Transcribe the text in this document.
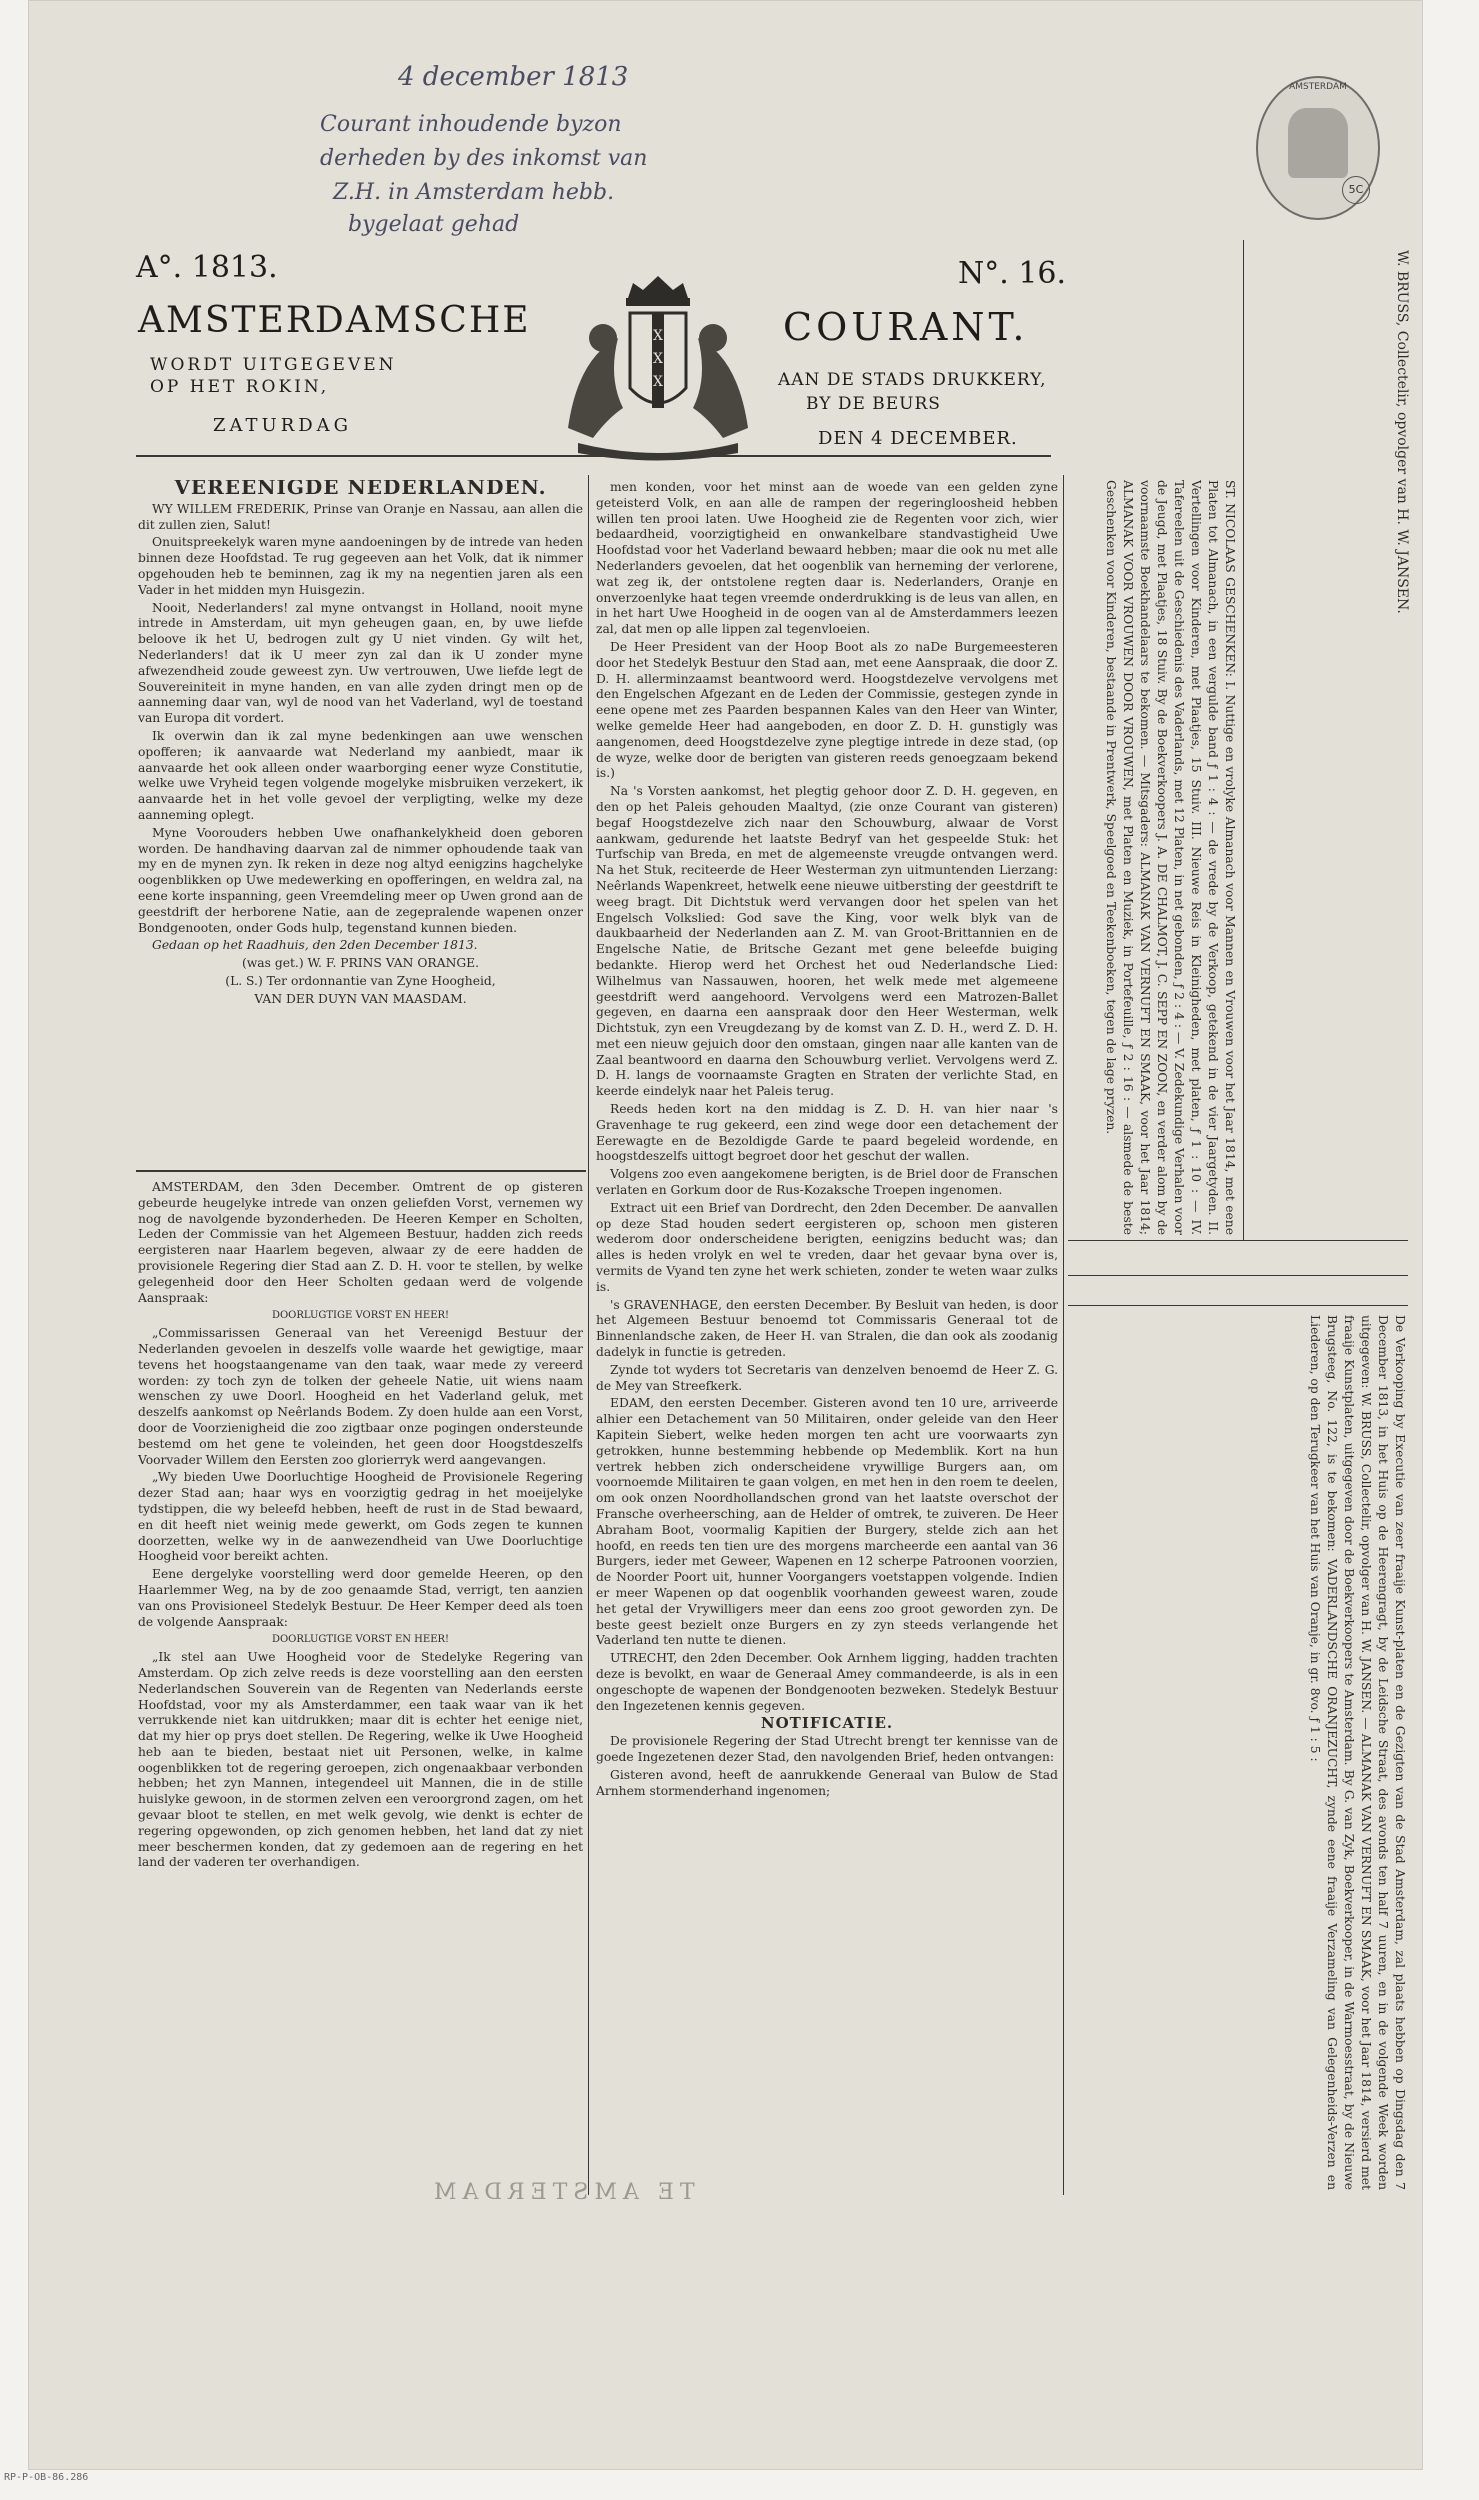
4 december 1813
Courant inhoudende byzon
derheden by des inkomst van
Z.H. in Amsterdam hebb.
bygelaat gehad
AMSTERDAM
5C
A°. 1813.	N°. 16.
AMSTERDAMSCHE	COURANT.
WORDT UITGEGEVEN
OP HET ROKIN,
ZATURDAG
AAN DE STADS DRUKKERY,
BY DE BEURS
DEN 4 DECEMBER.
X
X
X

VEREENIGDE NEDERLANDEN.

WY WILLEM FREDERIK, Prinse van Oranje en Nassau, aan allen die dit zullen zien, Salut!

Onuitspreekelyk waren myne aandoeningen by de intrede van heden binnen deze Hoofdstad. Te rug gegeeven aan het Volk, dat ik nimmer opgehouden heb te beminnen, zag ik my na negentien jaren als een Vader in het midden myn Huisgezin.

Nooit, Nederlanders! zal myne ontvangst in Holland, nooit myne intrede in Amsterdam, uit myn geheugen gaan, en, by uwe liefde beloove ik het U, bedrogen zult gy U niet vinden. Gy wilt het, Nederlanders! dat ik U meer zyn zal dan ik U zonder myne afwezendheid zoude geweest zyn. Uw vertrouwen, Uwe liefde legt de Souvereiniteit in myne handen, en van alle zyden dringt men op de aanneming daar van, wyl de nood van het Vaderland, wyl de toestand van Europa dit vordert.

Ik overwin dan ik zal myne bedenkingen aan uwe wenschen opofferen; ik aanvaarde wat Nederland my aanbiedt, maar ik aanvaarde het ook alleen onder waarborging eener wyze Constitutie, welke uwe Vryheid tegen volgende mogelyke misbruiken verzekert, ik aanvaarde het in het volle gevoel der verpligting, welke my deze aanneming oplegt.

Myne Voorouders hebben Uwe onafhankelykheid doen geboren worden. De handhaving daarvan zal de nimmer ophoudende taak van my en de mynen zyn. Ik reken in deze nog altyd eenigzins hagchelyke oogenblikken op Uwe medewerking en opofferingen, en weldra zal, na eene korte inspanning, geen Vreemdeling meer op Uwen grond aan de geestdrift der herborene Natie, aan de zegepralende wapenen onzer Bondgenooten, onder Gods hulp, tegenstand kunnen bieden.

Gedaan op het Raadhuis, den 2den December 1813.

(was get.) W. F. PRINS VAN ORANGE.

(L. S.) Ter ordonnantie van Zyne Hoogheid,

VAN DER DUYN VAN MAASDAM.

AMSTERDAM, den 3den December. Omtrent de op gisteren gebeurde heugelyke intrede van onzen geliefden Vorst, vernemen wy nog de navolgende byzonderheden. De Heeren Kemper en Scholten, Leden der Commissie van het Algemeen Bestuur, hadden zich reeds eergisteren naar Haarlem begeven, alwaar zy de eere hadden de provisionele Regering dier Stad aan Z. D. H. voor te stellen, by welke gelegenheid door den Heer Scholten gedaan werd de volgende Aanspraak:

DOORLUGTIGE VORST EN HEER!

„Commissarissen Generaal van het Vereenigd Bestuur der Nederlanden gevoelen in deszelfs volle waarde het gewigtige, maar tevens het hoogstaangename van den taak, waar mede zy vereerd worden: zy toch zyn de tolken der geheele Natie, uit wiens naam wenschen zy uwe Doorl. Hoogheid en het Vaderland geluk, met deszelfs aankomst op Neêrlands Bodem. Zy doen hulde aan een Vorst, door de Voorzienigheid die zoo zigtbaar onze pogingen ondersteunde bestemd om het gene te voleinden, het geen door Hoogstdeszelfs Voorvader Willem den Eersten zoo glorierryk werd aangevangen.

„Wy bieden Uwe Doorluchtige Hoogheid de Provisionele Regering dezer Stad aan; haar wys en voorzigtig gedrag in het moeijelyke tydstippen, die wy beleefd hebben, heeft de rust in de Stad bewaard, en dit heeft niet weinig mede gewerkt, om Gods zegen te kunnen doorzetten, welke wy in de aanwezendheid van Uwe Doorluchtige Hoogheid voor bereikt achten.

Eene dergelyke voorstelling werd door gemelde Heeren, op den Haarlemmer Weg, na by de zoo genaamde Stad, verrigt, ten aanzien van ons Provisioneel Stedelyk Bestuur. De Heer Kemper deed als toen de volgende Aanspraak:

DOORLUGTIGE VORST EN HEER!

„Ik stel aan Uwe Hoogheid voor de Stedelyke Regering van Amsterdam. Op zich zelve reeds is deze voorstelling aan den eersten Nederlandschen Souverein van de Regenten van Nederlands eerste Hoofdstad, voor my als Amsterdammer, een taak waar van ik het verrukkende niet kan uitdrukken; maar dit is echter het eenige niet, dat my hier op prys doet stellen. De Regering, welke ik Uwe Hoogheid heb aan te bieden, bestaat niet uit Personen, welke, in kalme oogenblikken tot de regering geroepen, zich ongenaakbaar verbonden hebben; het zyn Mannen, integendeel uit Mannen, die in de stille huislyke gewoon, in de stormen zelven een veroorgrond zagen, om het gevaar bloot te stellen, en met welk gevolg, wie denkt is echter de regering opgewonden, op zich genomen hebben, het land dat zy niet meer beschermen konden, dat zy gedemoen aan de regering en het land der vaderen ter overhandigen.

men konden, voor het minst aan de woede van een gelden zyne geteisterd Volk, en aan alle de rampen der regeringloosheid hebben willen ten prooi laten. Uwe Hoogheid zie de Regenten voor zich, wier bedaardheid, voorzigtigheid en onwankelbare standvastigheid Uwe Hoofdstad voor het Vaderland bewaard hebben; maar die ook nu met alle Nederlanders gevoelen, dat het oogenblik van herneming der verlorene, wat zeg ik, der ontstolene regten daar is. Nederlanders, Oranje en onverzoenlyke haat tegen vreemde onderdrukking is de leus van allen, en in het hart Uwe Hoogheid in de oogen van al de Amsterdammers leezen zal, dat men op alle lippen zal tegenvloeien.

De Heer President van der Hoop Boot als zo naDe Burgemeesteren door het Stedelyk Bestuur den Stad aan, met eene Aanspraak, die door Z. D. H. allerminzaamst beantwoord werd. Hoogstdezelve vervolgens met den Engelschen Afgezant en de Leden der Commissie, gestegen zynde in eene opene met zes Paarden bespannen Kales van den Heer van Winter, welke gemelde Heer had aangeboden, en door Z. D. H. gunstigly was aangenomen, deed Hoogstdezelve zyne plegtige intrede in deze stad, (op de wyze, welke door de berigten van gisteren reeds genoegzaam bekend is.)

Na 's Vorsten aankomst, het plegtig gehoor door Z. D. H. gegeven, en den op het Paleis gehouden Maaltyd, (zie onze Courant van gisteren) begaf Hoogstdezelve zich naar den Schouwburg, alwaar de Vorst aankwam, gedurende het laatste Bedryf van het gespeelde Stuk: het Turfschip van Breda, en met de algemeenste vreugde ontvangen werd. Na het Stuk, reciteerde de Heer Westerman zyn uitmuntenden Lierzang: Neêrlands Wapenkreet, hetwelk eene nieuwe uitbersting der geestdrift te weeg bragt. Dit Dichtstuk werd vervangen door het spelen van het Engelsch Volkslied: God save the King, voor welk blyk van de daukbaarheid der Nederlanden aan Z. M. van Groot-Brittannien en de Engelsche Natie, de Britsche Gezant met gene beleefde buiging bedankte. Hierop werd het Orchest het oud Nederlandsche Lied: Wilhelmus van Nassauwen, hooren, het welk mede met algemeene geestdrift werd aangehoord. Vervolgens werd een Matrozen-Ballet gegeven, en daarna een aanspraak door den Heer Westerman, welk Dichtstuk, zyn een Vreugdezang by de komst van Z. D. H., werd Z. D. H. met een nieuw gejuich door den omstaan, gingen naar alle kanten van de Zaal beantwoord en daarna den Schouwburg verliet. Vervolgens werd Z. D. H. langs de voornaamste Gragten en Straten der verlichte Stad, en keerde eindelyk naar het Paleis terug.

Reeds heden kort na den middag is Z. D. H. van hier naar 's Gravenhage te rug gekeerd, een zind wege door een detachement der Eerewagte en de Bezoldigde Garde te paard begeleid wordende, en hoogstdeszelfs uittogt begroet door het geschut der wallen.

Volgens zoo even aangekomene berigten, is de Briel door de Franschen verlaten en Gorkum door de Rus-Kozaksche Troepen ingenomen.

Extract uit een Brief van Dordrecht, den 2den December. De aanvallen op deze Stad houden sedert eergisteren op, schoon men gisteren wederom door onderscheidene berigten, eenigzins beducht was; dan alles is heden vrolyk en wel te vreden, daar het gevaar byna over is, vermits de Vyand ten zyne het werk schieten, zonder te weten waar zulks is.

's GRAVENHAGE, den eersten December. By Besluit van heden, is door het Algemeen Bestuur benoemd tot Commissaris Generaal tot de Binnenlandsche zaken, de Heer H. van Stralen, die dan ook als zoodanig dadelyk in functie is getreden.

Zynde tot wyders tot Secretaris van denzelven benoemd de Heer Z. G. de Mey van Streefkerk.

EDAM, den eersten December. Gisteren avond ten 10 ure, arriveerde alhier een Detachement van 50 Militairen, onder geleide van den Heer Kapitein Siebert, welke heden morgen ten acht ure voorwaarts zyn getrokken, hunne bestemming hebbende op Medemblik. Kort na hun vertrek hebben zich onderscheidene vrywillige Burgers aan, om voornoemde Militairen te gaan volgen, en met hen in den roem te deelen, om ook onzen Noordhollandschen grond van het laatste overschot der Fransche overheersching, aan de Helder of omtrek, te zuiveren. De Heer Abraham Boot, voormalig Kapitien der Burgery, stelde zich aan het hoofd, en reeds ten tien ure des morgens marcheerde een aantal van 36 Burgers, ieder met Geweer, Wapenen en 12 scherpe Patroonen voorzien, de Noorder Poort uit, hunner Voorgangers voetstappen volgende. Indien er meer Wapenen op dat oogenblik voorhanden geweest waren, zoude het getal der Vrywilligers meer dan eens zoo groot geworden zyn. De beste geest bezielt onze Burgers en zy zyn steeds verlangende het Vaderland ten nutte te dienen.

UTRECHT, den 2den December. Ook Arnhem ligging, hadden trachten deze is bevolkt, en waar de Generaal Amey commandeerde, is als in een ongeschopte de wapenen der Bondgenooten bezweken. Stedelyk Bestuur den Ingezetenen kennis gegeven.

NOTIFICATIE.

De provisionele Regering der Stad Utrecht brengt ter kennisse van de goede Ingezetenen dezer Stad, den navolgenden Brief, heden ontvangen:

Gisteren avond, heeft de aanrukkende Generaal van Bulow de Stad Arnhem stormenderhand ingenomen;

ST. NICOLAAS GESCHENKEN: I. Nuttige en vrolyke Almanach voor Mannen en Vrouwen voor het Jaar 1814, met eene Platen tot Almanach, in een vergulde band ƒ 1 : 4 : — de vrede by de Verkoop, getekend in de vier Jaargetyden. II. Vertellingen voor Kinderen, met Plaatjes, 15 Stuiv. III. Nieuwe Reis in Kleinigheden, met platen, ƒ 1 : 10 : — IV. Tafereelen uit de Geschiedenis des Vaderlands, met 12 Platen, in net gebonden, ƒ 2 : 4 : — V. Zedekundige Verhalen voor de Jeugd, met Plaatjes, 18 Stuiv. By de Boekverkoopers J. A. DE CHALMOT, J. C. SEPP EN ZOON, en verder alom by de voornaamste Boekhandelaars te bekomen. — Mitsgaders: ALMANAK VAN VERNUFT EN SMAAK, voor het Jaar 1814; ALMANAK VOOR VROUWEN DOOR VROUWEN, met Platen en Muziek, in Portefeuille, ƒ 2 : 16 : — alsmede de beste Geschenken voor Kinderen, bestaande in Prentwerk, Speelgoed en Teekenboeken, tegen de lage pryzen.

W. BRUSS, Collectelir, opvolger van H. W. JANSEN.

De Verkooping by Executie van zeer fraaije Kunst-platen en de Gezigten van de Stad Amsterdam, zal plaats hebben op Dingsdag den 7 December 1813, in het Huis op de Heerengragt, by de Leidsche Straat, des avonds ten half 7 uuren, en in de volgende Week worden uitgegeven: W. BRUSS, Collectelir, opvolger van H. W. JANSEN. — ALMANAK VAN VERNUFT EN SMAAK, voor het Jaar 1814, versierd met fraaije Kunstplaten, uitgegeven door de Boekverkoopers te Amsterdam. By G. van Zyk, Boekverkooper, in de Warmoesstraat, by de Nieuwe Brugsteeg, No. 122, is te bekomen: VADERLANDSCHE ORANJEZUCHT, zynde eene fraaije Verzameling van Gelegenheids-Verzen en Liederen, op den Terugkeer van het Huis van Oranje, in gr. 8vo. ƒ 1 : 5 :

TE AMSTERDAM
RP-P-OB-86.286
